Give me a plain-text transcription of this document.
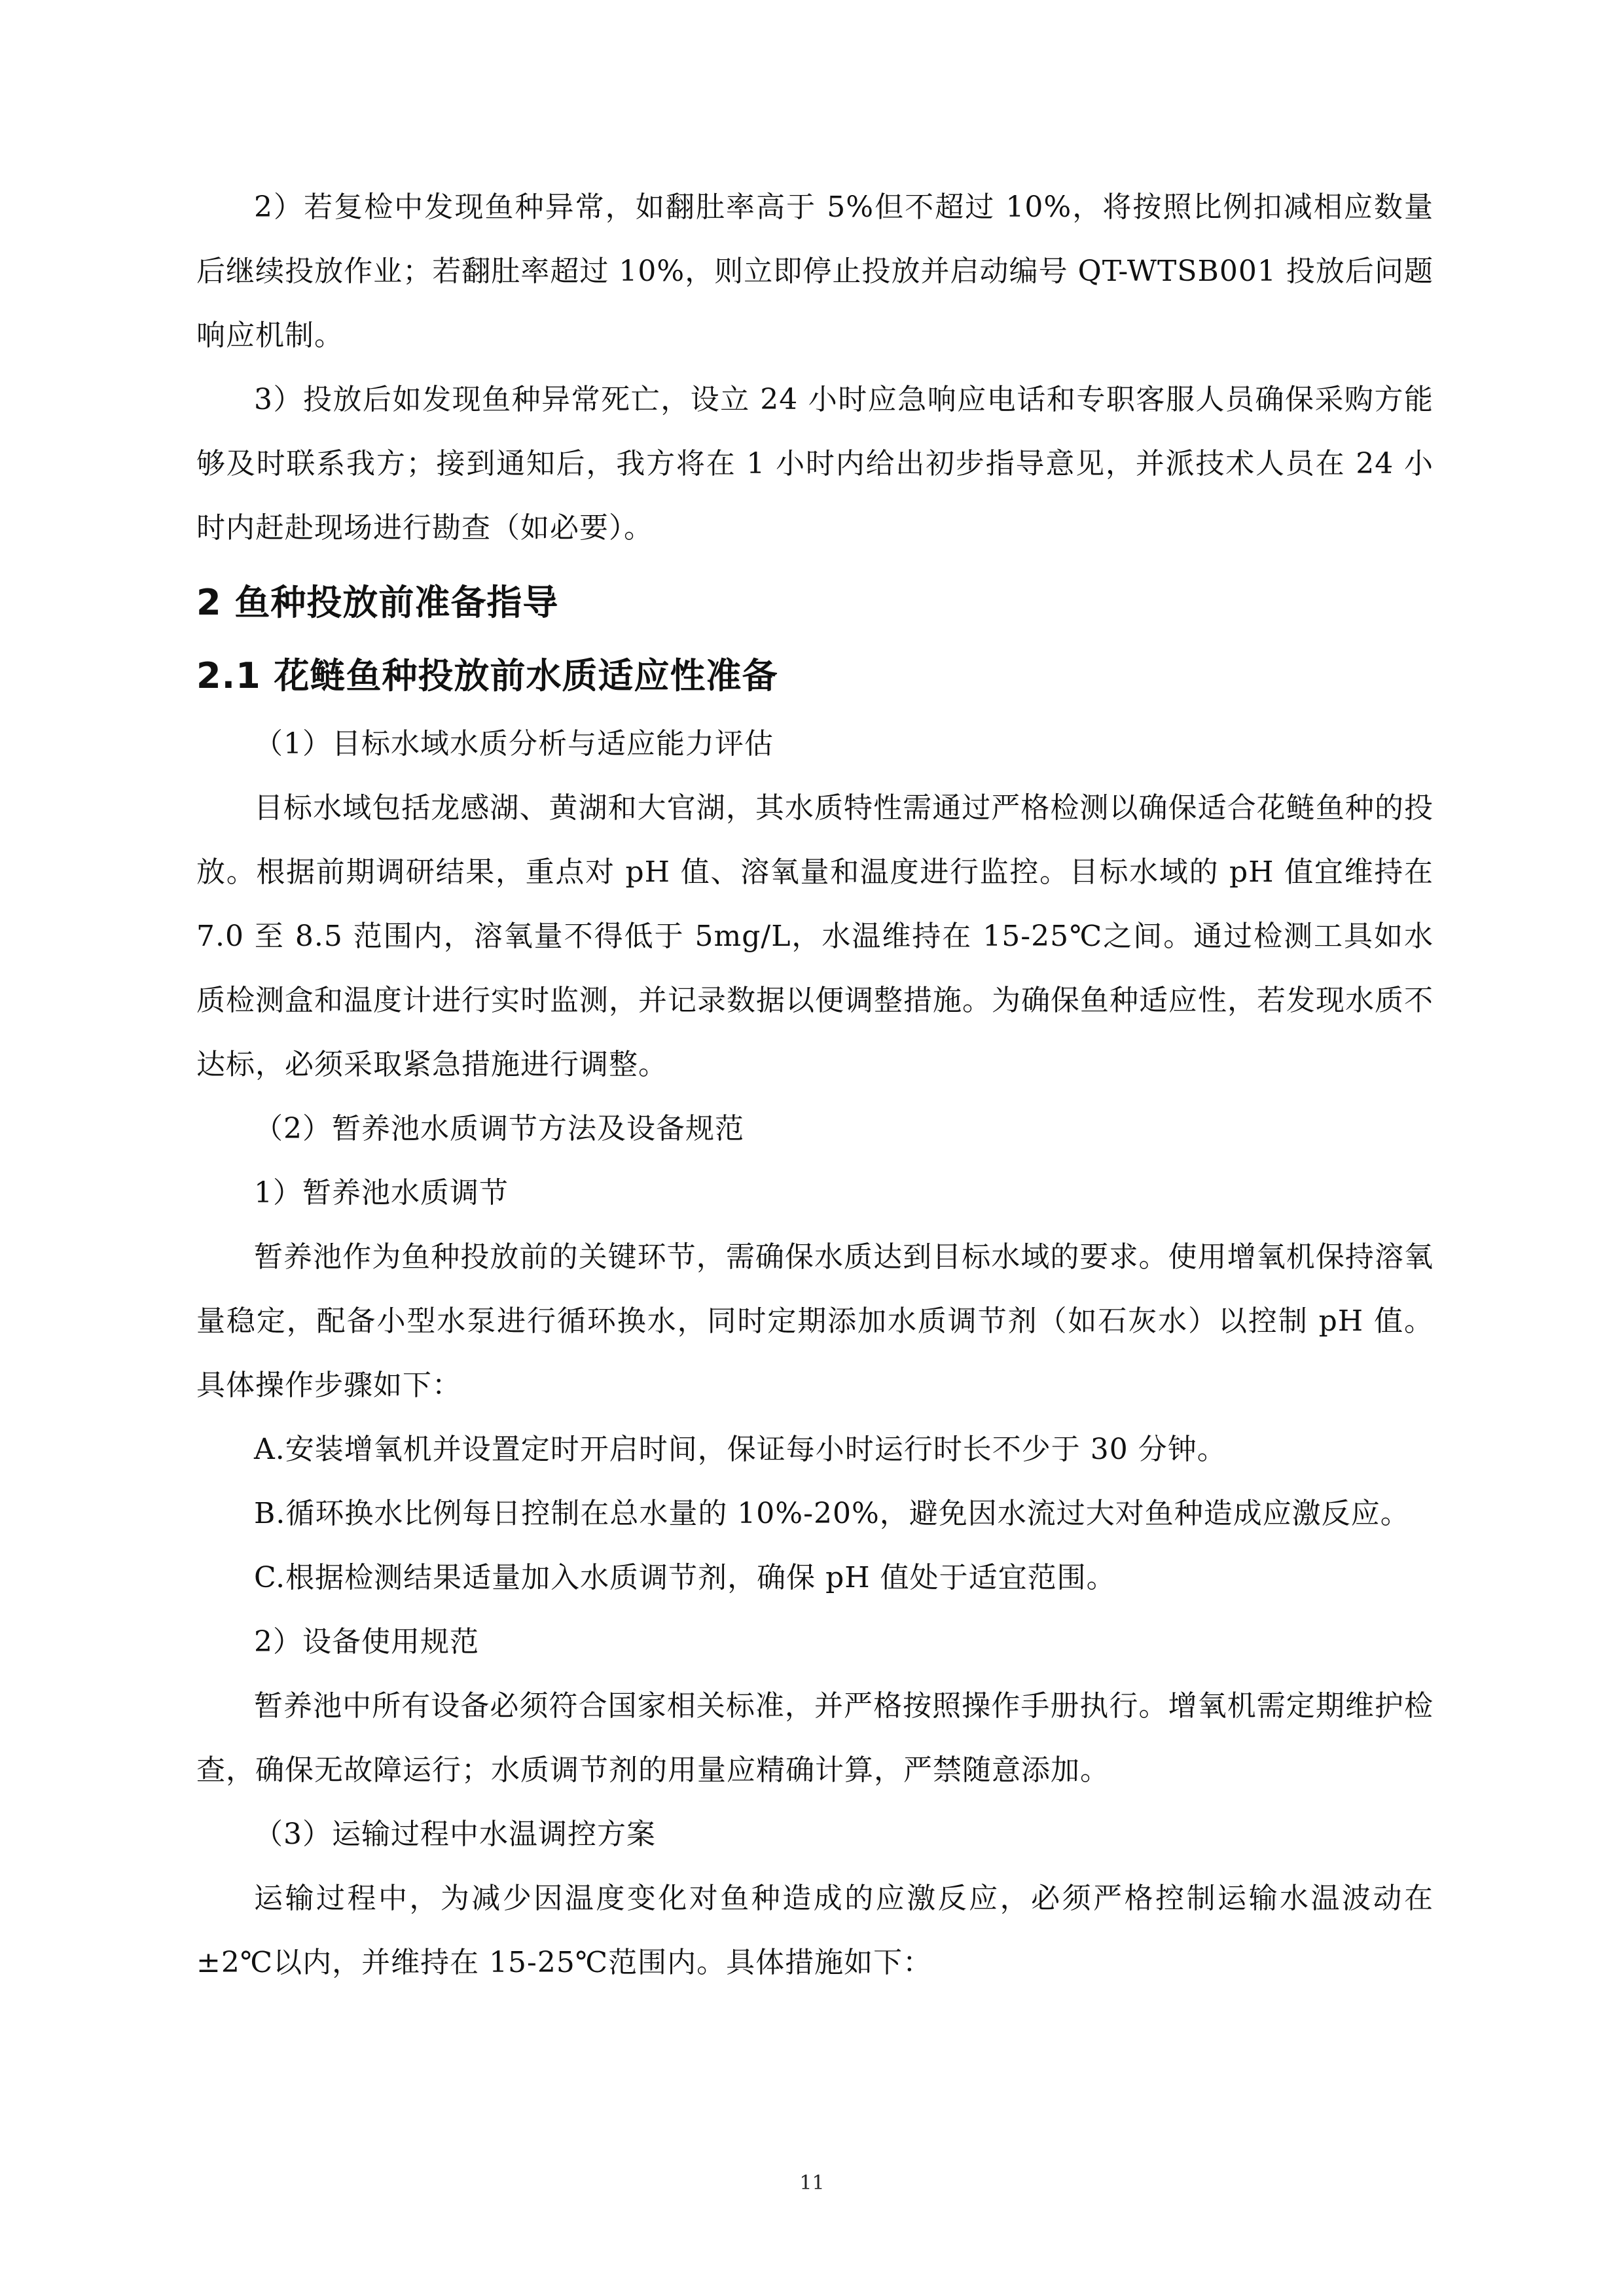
2）若复检中发现鱼种异常，如翻肚率高于 5%但不超过 10%，将按照比例扣减相应数量后继续投放作业；若翻肚率超过 10%，则立即停止投放并启动编号 QT-WTSB001 投放后问题响应机制。

3）投放后如发现鱼种异常死亡，设立 24 小时应急响应电话和专职客服人员确保采购方能够及时联系我方；接到通知后，我方将在 1 小时内给出初步指导意见，并派技术人员在 24 小时内赶赴现场进行勘查（如必要）。

2 鱼种投放前准备指导
2.1 花鲢鱼种投放前水质适应性准备

（1）目标水域水质分析与适应能力评估

目标水域包括龙感湖、黄湖和大官湖，其水质特性需通过严格检测以确保适合花鲢鱼种的投放。根据前期调研结果，重点对 pH 值、溶氧量和温度进行监控。目标水域的 pH 值宜维持在 7.0 至 8.5 范围内，溶氧量不得低于 5mg/L，水温维持在 15-25℃之间。通过检测工具如水质检测盒和温度计进行实时监测，并记录数据以便调整措施。为确保鱼种适应性，若发现水质不达标，必须采取紧急措施进行调整。

（2）暂养池水质调节方法及设备规范

1）暂养池水质调节

暂养池作为鱼种投放前的关键环节，需确保水质达到目标水域的要求。使用增氧机保持溶氧量稳定，配备小型水泵进行循环换水，同时定期添加水质调节剂（如石灰水）以控制 pH 值。具体操作步骤如下：

A.安装增氧机并设置定时开启时间，保证每小时运行时长不少于 30 分钟。

B.循环换水比例每日控制在总水量的 10%-20%，避免因水流过大对鱼种造成应激反应。

C.根据检测结果适量加入水质调节剂，确保 pH 值处于适宜范围。

2）设备使用规范

暂养池中所有设备必须符合国家相关标准，并严格按照操作手册执行。增氧机需定期维护检查，确保无故障运行；水质调节剂的用量应精确计算，严禁随意添加。

（3）运输过程中水温调控方案

运输过程中，为减少因温度变化对鱼种造成的应激反应，必须严格控制运输水温波动在±2℃以内，并维持在 15-25℃范围内。具体措施如下：

11
